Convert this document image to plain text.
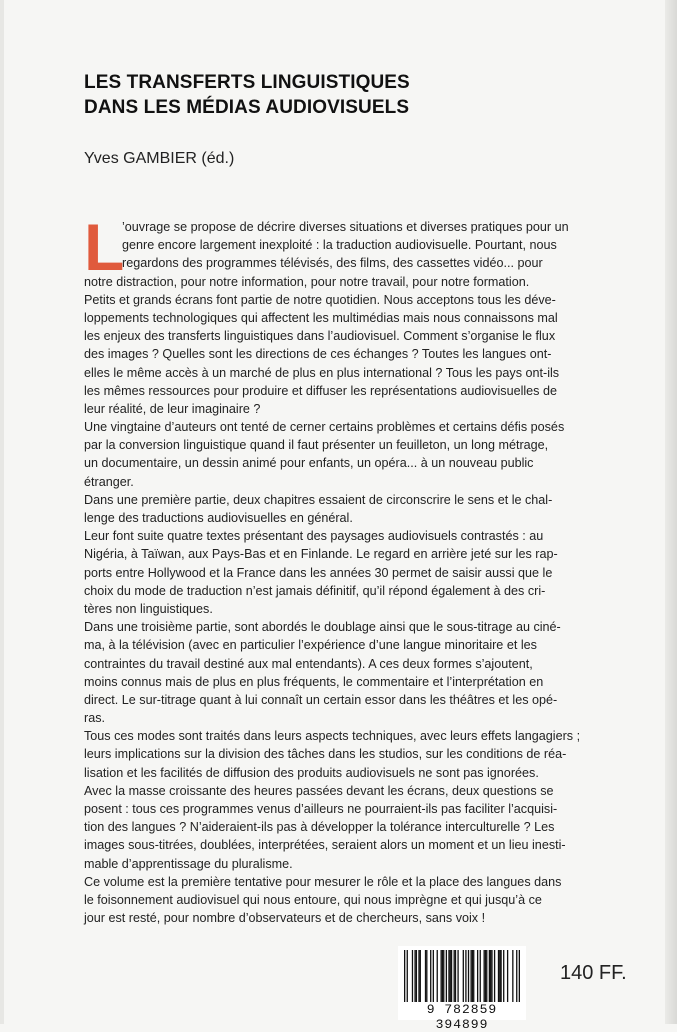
LES TRANSFERTS LINGUISTIQUES
DANS LES MÉDIAS AUDIOVISUELS
Yves GAMBIER (éd.)
L
’ouvrage se propose de décrire diverses situations et diverses pratiques pour un
genre encore largement inexploité : la traduction audiovisuelle. Pourtant, nous
regardons des programmes télévisés, des films, des cassettes vidéo... pour
notre distraction, pour notre information, pour notre travail, pour notre formation.
Petits et grands écrans font partie de notre quotidien. Nous acceptons tous les déve-
loppements technologiques qui affectent les multimédias mais nous connaissons mal
les enjeux des transferts linguistiques dans l’audiovisuel. Comment s’organise le flux
des images ? Quelles sont les directions de ces échanges ? Toutes les langues ont-
elles le même accès à un marché de plus en plus international ? Tous les pays ont-ils
les mêmes ressources pour produire et diffuser les représentations audiovisuelles de
leur réalité, de leur imaginaire ?
Une vingtaine d’auteurs ont tenté de cerner certains problèmes et certains défis posés
par la conversion linguistique quand il faut présenter un feuilleton, un long métrage,
un documentaire, un dessin animé pour enfants, un opéra... à un nouveau public
étranger.
Dans une première partie, deux chapitres essaient de circonscrire le sens et le chal-
lenge des traductions audiovisuelles en général.
Leur font suite quatre textes présentant des paysages audiovisuels contrastés : au
Nigéria, à Taïwan, aux Pays-Bas et en Finlande. Le regard en arrière jeté sur les rap-
ports entre Hollywood et la France dans les années 30 permet de saisir aussi que le
choix du mode de traduction n’est jamais définitif, qu’il répond également à des cri-
tères non linguistiques.
Dans une troisième partie, sont abordés le doublage ainsi que le sous-titrage au ciné-
ma, à la télévision (avec en particulier l’expérience d’une langue minoritaire et les
contraintes du travail destiné aux mal entendants). A ces deux formes s’ajoutent,
moins connus mais de plus en plus fréquents, le commentaire et l’interprétation en
direct. Le sur-titrage quant à lui connaît un certain essor dans les théâtres et les opé-
ras.
Tous ces modes sont traités dans leurs aspects techniques, avec leurs effets langagiers ;
leurs implications sur la division des tâches dans les studios, sur les conditions de réa-
lisation et les facilités de diffusion des produits audiovisuels ne sont pas ignorées.
Avec la masse croissante des heures passées devant les écrans, deux questions se
posent : tous ces programmes venus d’ailleurs ne pourraient-ils pas faciliter l’acquisi-
tion des langues ? N’aideraient-ils pas à développer la tolérance interculturelle ? Les
images sous-titrées, doublées, interprétées, seraient alors un moment et un lieu inesti-
mable d’apprentissage du pluralisme.
Ce volume est la première tentative pour mesurer le rôle et la place des langues dans
le foisonnement audiovisuel qui nous entoure, qui nous imprègne et qui jusqu’à ce
jour est resté, pour nombre d’observateurs et de chercheurs, sans voix !
9 782859 394899
140 FF.
